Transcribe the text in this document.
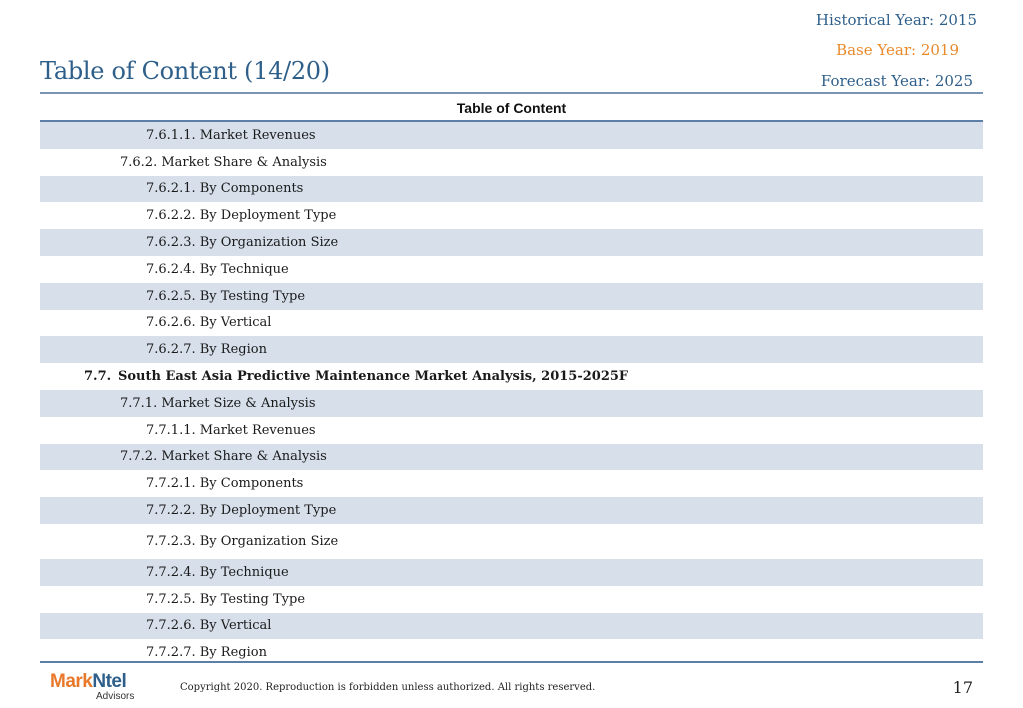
Historical Year: 2015
Base Year: 2019
Forecast Year: 2025
Table of Content (14/20)
Table of Content
7.6.1.1. Market Revenues
7.6.2. Market Share & Analysis
7.6.2.1. By Components
7.6.2.2. By Deployment Type
7.6.2.3. By Organization Size
7.6.2.4. By Technique
7.6.2.5. By Testing Type
7.6.2.6. By Vertical
7.6.2.7. By Region
7.7. South East Asia Predictive Maintenance Market Analysis, 2015-2025F
7.7.1. Market Size & Analysis
7.7.1.1. Market Revenues
7.7.2. Market Share & Analysis
7.7.2.1. By Components
7.7.2.2. By Deployment Type
7.7.2.3. By Organization Size
7.7.2.4. By Technique
7.7.2.5. By Testing Type
7.7.2.6. By Vertical
7.7.2.7. By Region
MarkNtel
Advisors
Copyright 2020. Reproduction is forbidden unless authorized. All rights reserved.	17
